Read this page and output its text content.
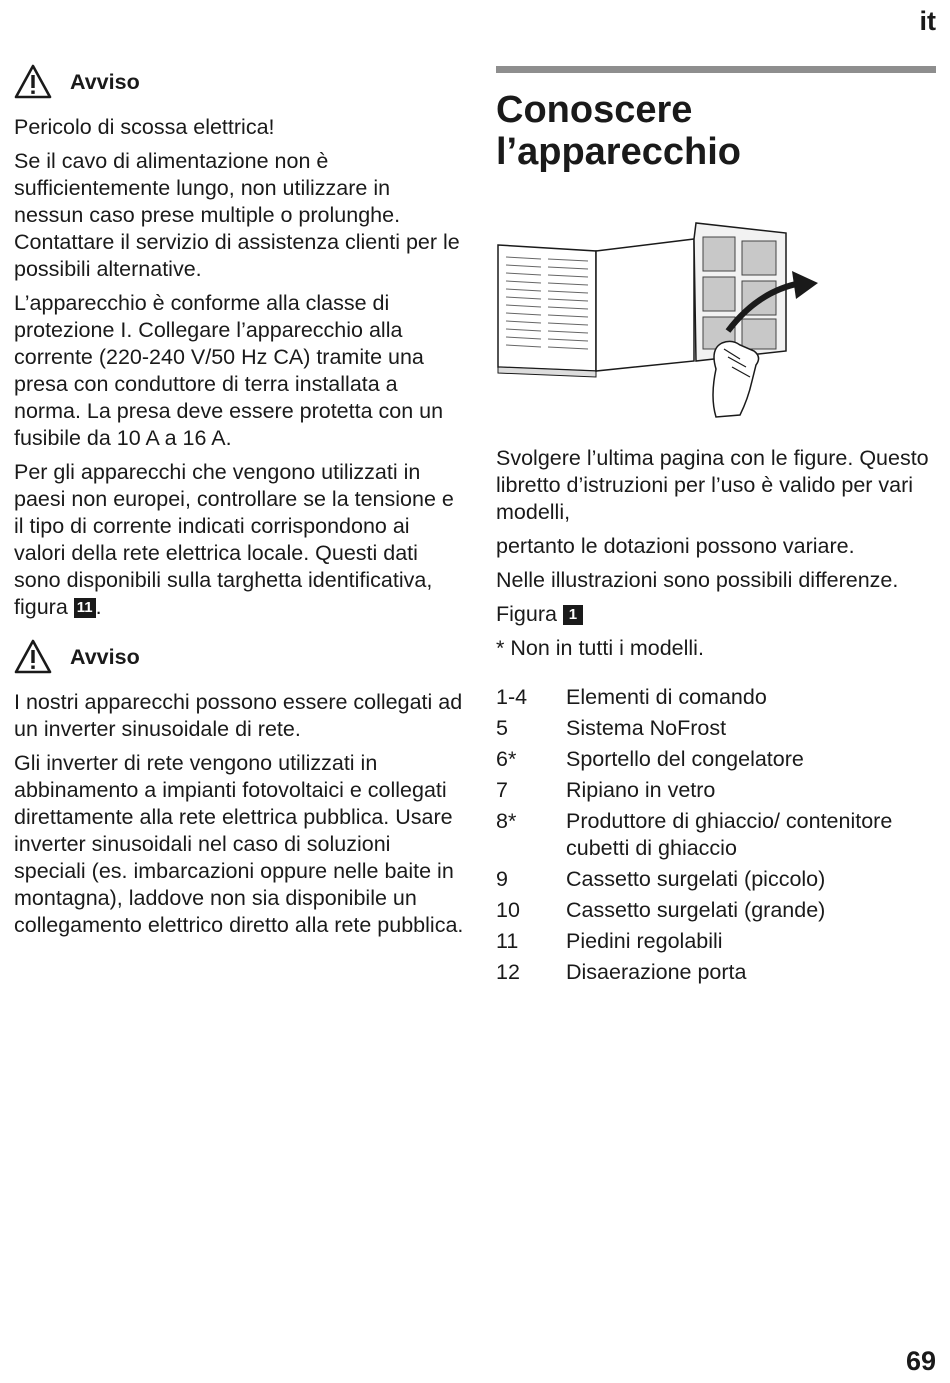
it
Avviso

Pericolo di scossa elettrica!

Se il cavo di alimentazione non è sufficientemente lungo, non utilizzare in nessun caso prese multiple o prolunghe. Contattare il servizio di assistenza clienti per le possibili alternative.

L’apparecchio è conforme alla classe di protezione I. Collegare l’apparecchio alla corrente (220-240 V/50 Hz CA) tramite una presa con conduttore di terra installata a norma. La presa deve essere protetta con un fusibile da 10 A a 16 A.

Per gli apparecchi che vengono utilizzati in paesi non europei, controllare se la tensione e il tipo di corrente indicati corrispondono ai valori della rete elettrica locale. Questi dati sono disponibili sulla targhetta identificativa, figura 11 .

Avviso

I nostri apparecchi possono essere collegati ad un inverter sinusoidale di rete.

Gli inverter di rete vengono utilizzati in abbinamento a impianti fotovoltaici e collegati direttamente alla rete elettrica pubblica. Usare inverter sinusoidali nel caso di soluzioni speciali (es. imbarcazioni oppure nelle baite in montagna), laddove non sia disponibile un collegamento elettrico diretto alla rete pubblica.

Conoscere
l’apparecchio

Svolgere l’ultima pagina con le figure. Questo libretto d’istruzioni per l’uso è valido per vari modelli,

pertanto le dotazioni possono variare.

Nelle illustrazioni sono possibili differenze.

Figura 1

* Non in tutti i modelli.

1-4	Elementi di comando
5	Sistema NoFrost
6*	Sportello del congelatore
7	Ripiano in vetro
8*	Produttore di ghiaccio/ contenitore cubetti di ghiaccio
9	Cassetto surgelati (piccolo)
10	Cassetto surgelati (grande)
11	Piedini regolabili
12	Disaerazione porta
69
